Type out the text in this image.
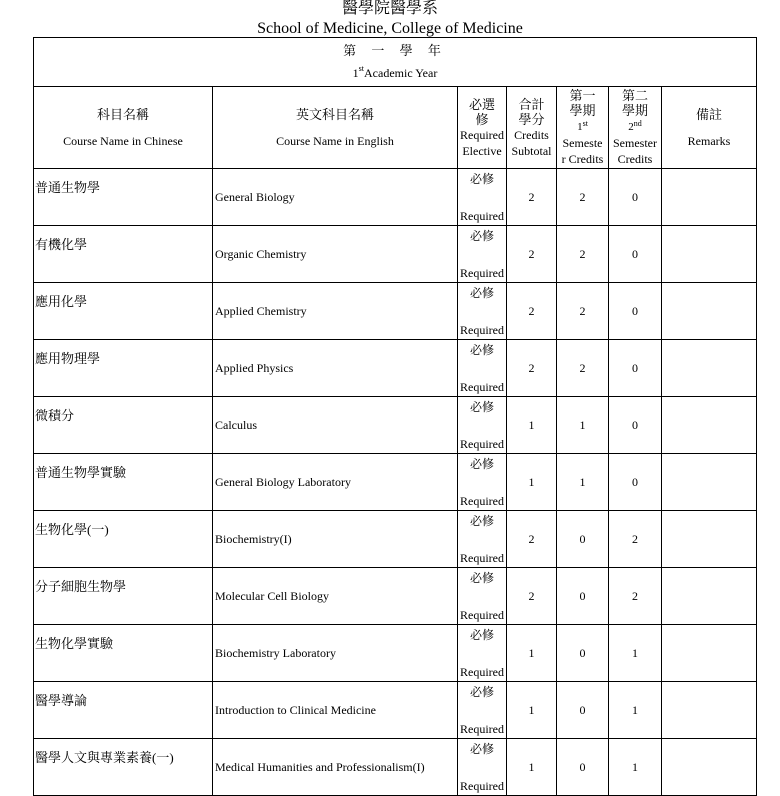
醫學院醫學系
School of Medicine, College of Medicine
第 一 學 年
1stAcademic Year						

科目名稱
Course Name in Chinese	英文科目名稱
Course Name in English	必選
修
Required
Elective	合計
學分
Credits
Subtotal	第一
學期
1st
Semeste
r Credits	第二
學期
2nd
Semester
Credits	備註
Remarks
普通生物學	General Biology	必修
Required	2	2	0	
有機化學	Organic Chemistry	必修
Required	2	2	0	
應用化學	Applied Chemistry	必修
Required	2	2	0	
應用物理學	Applied Physics	必修
Required	2	2	0	
微積分	Calculus	必修
Required	1	1	0	
普通生物學實驗	General Biology Laboratory	必修
Required	1	1	0	
生物化學(一)	Biochemistry(I)	必修
Required	2	0	2	
分子細胞生物學	Molecular Cell Biology	必修
Required	2	0	2	
生物化學實驗	Biochemistry Laboratory	必修
Required	1	0	1	
醫學導論	Introduction to Clinical Medicine	必修
Required	1	0	1	
醫學人文與專業素養(一)	Medical Humanities and Professionalism(I)	必修
Required	1	0	1	
